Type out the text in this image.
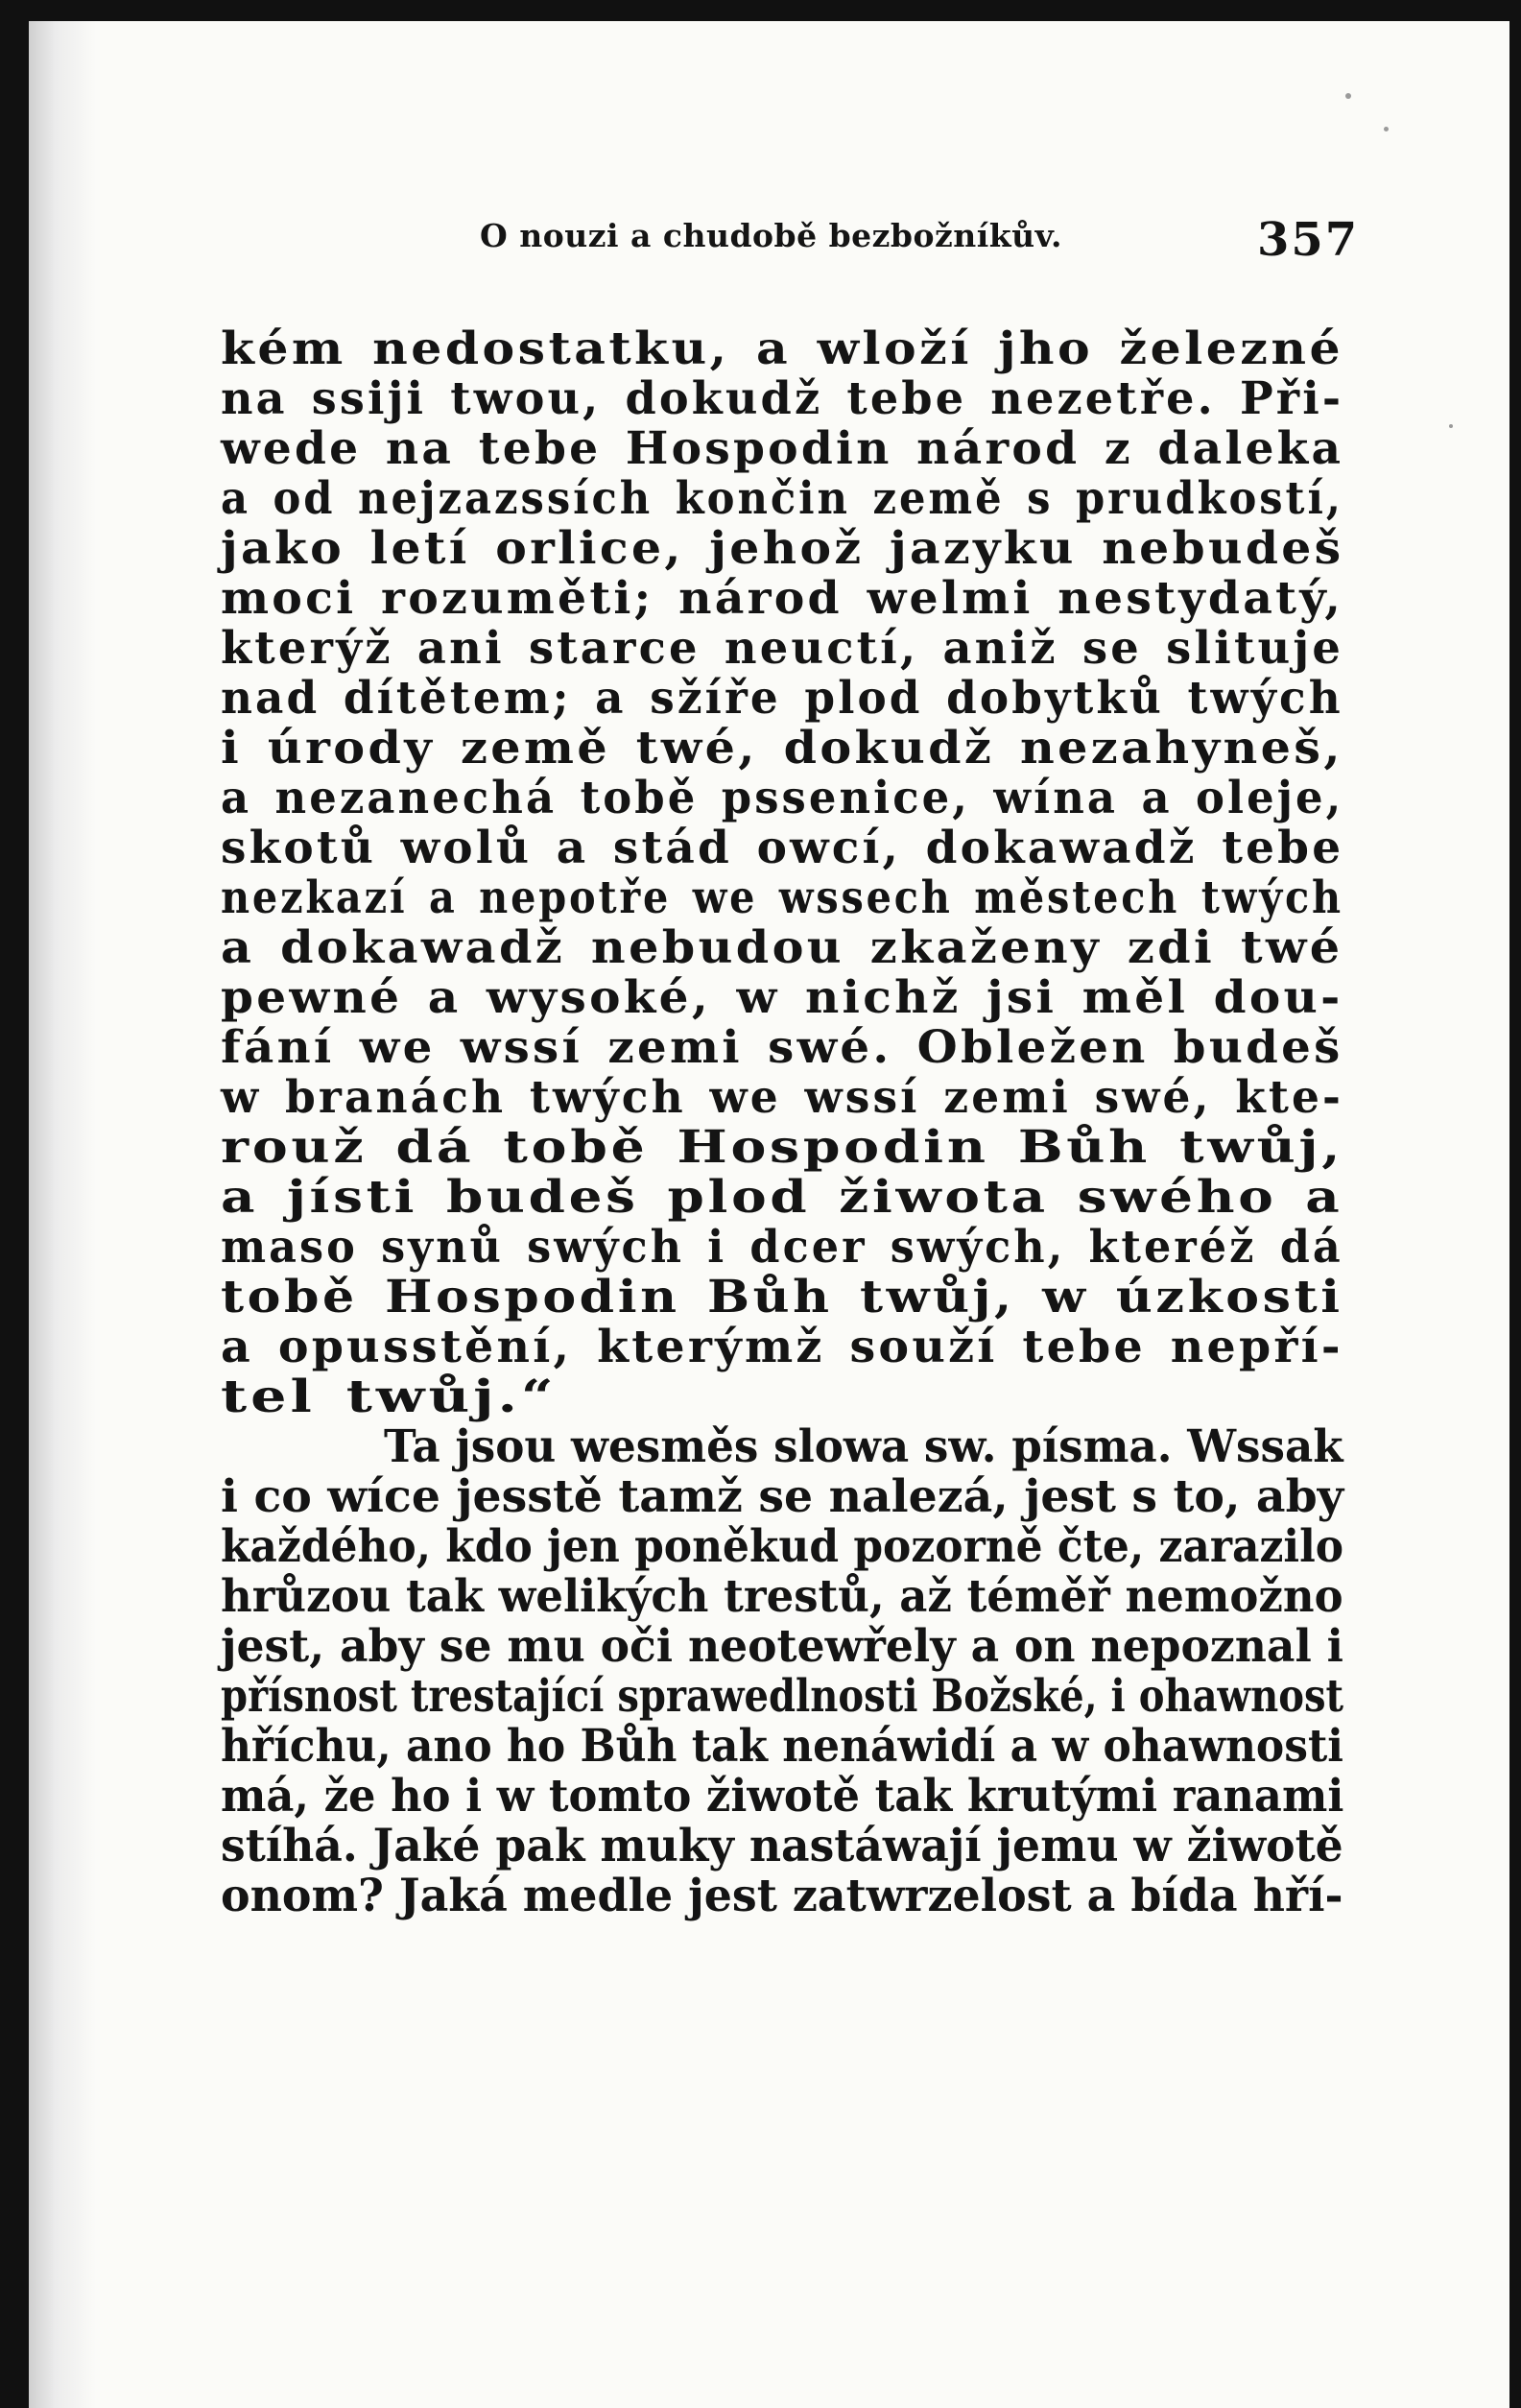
O nouzi a chudobě bezbožníkův.	357
kém nedostatku, a wloží jho železné
na ssiji twou, dokudž tebe nezetře. Při-
wede na tebe Hospodin národ z daleka
a od nejzazssích končin země s prudkostí,
jako letí orlice, jehož jazyku nebudeš
moci rozuměti; národ welmi nestydatý,
kterýž ani starce neuctí, aniž se slituje
nad dítětem; a sžíře plod dobytků twých
i úrody země twé, dokudž nezahyneš,
a nezanechá tobě pssenice, wína a oleje,
skotů wolů a stád owcí, dokawadž tebe
nezkazí a nepotře we wssech městech twých
a dokawadž nebudou zkaženy zdi twé
pewné a wysoké, w nichž jsi měl dou-
fání we wssí zemi swé. Obležen budeš
w branách twých we wssí zemi swé, kte-
rouž dá tobě Hospodin Bůh twůj,
a jísti budeš plod žiwota swého a
maso synů swých i dcer swých, kteréž dá
tobě Hospodin Bůh twůj, w úzkosti
a opusstění, kterýmž souží tebe nepří-
tel twůj.“
Ta jsou wesměs slowa sw. písma. Wssak
i co wíce jesstě tamž se nalezá, jest s to, aby
každého, kdo jen poněkud pozorně čte, zarazilo
hrůzou tak welikých trestů, až téměř nemožno
jest, aby se mu oči neotewřely a on nepoznal i
přísnost trestající sprawedlnosti Božské, i ohawnost
hříchu, ano ho Bůh tak nenáwidí a w ohawnosti
má, že ho i w tomto žiwotě tak krutými ranami
stíhá. Jaké pak muky nastáwají jemu w žiwotě
onom? Jaká medle jest zatwrzelost a bída hří-
